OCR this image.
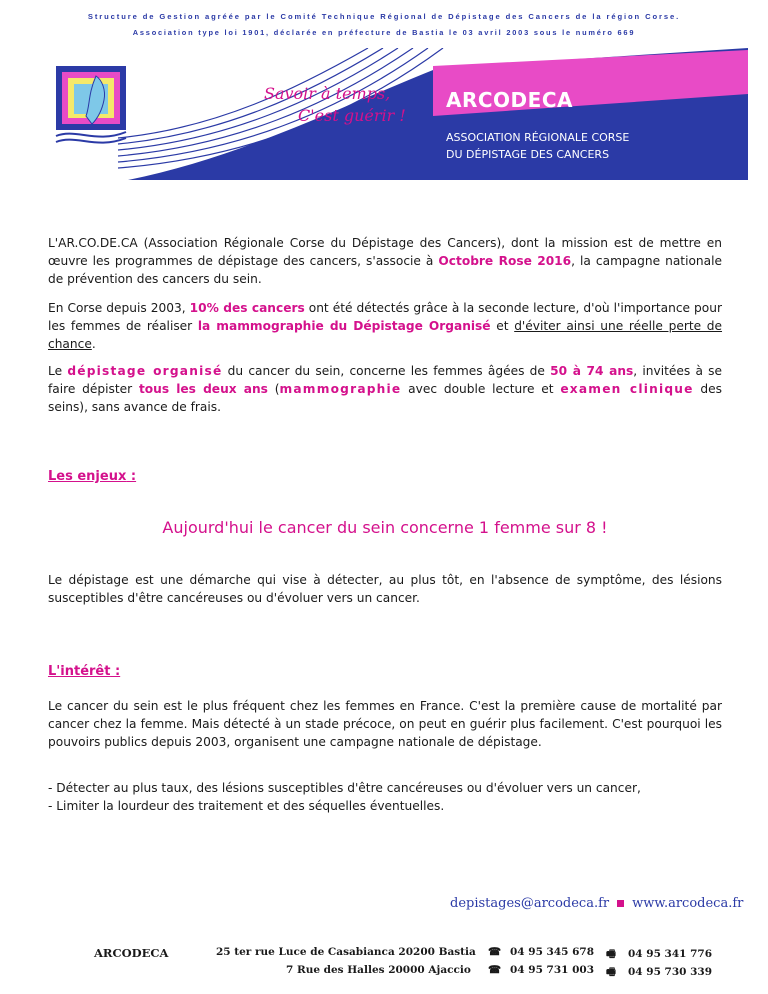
Structure de Gestion agréée par le Comité Technique Régional de Dépistage des Cancers de la région Corse.
Association type loi 1901, déclarée en préfecture de Bastia le 03 avril 2003 sous le numéro 669
Savoir à temps,
C'est guérir !
ARCODECA
ASSOCIATION RÉGIONALE CORSE
DU DÉPISTAGE DES CANCERS
L'AR.CO.DE.CA (Association Régionale Corse du Dépistage des Cancers), dont la mission est de mettre en œuvre les programmes de dépistage des cancers, s'associe à Octobre Rose 2016, la campagne nationale de prévention des cancers du sein.
En Corse depuis 2003, 10% des cancers ont été détectés grâce à la seconde lecture, d'où l'importance pour les femmes de réaliser la mammographie du Dépistage Organisé et d'éviter ainsi une réelle perte de chance.
Le dépistage organisé du cancer du sein, concerne les femmes âgées de 50 à 74 ans, invitées à se faire dépister tous les deux ans (mammographie avec double lecture et examen clinique des seins), sans avance de frais.
Les enjeux :
Aujourd'hui le cancer du sein concerne 1 femme sur 8 !
Le dépistage est une démarche qui vise à détecter, au plus tôt, en l'absence de symptôme, des lésions susceptibles d'être cancéreuses ou d'évoluer vers un cancer.
L'intérêt :
Le cancer du sein est le plus fréquent chez les femmes en France. C'est la première cause de mortalité par cancer chez la femme. Mais détecté à un stade précoce, on peut en guérir plus facilement. C'est pourquoi les pouvoirs publics depuis 2003, organisent une campagne nationale de dépistage.
- Détecter au plus taux, des lésions susceptibles d'être cancéreuses ou d'évoluer vers un cancer,
- Limiter la lourdeur des traitement et des séquelles éventuelles.
depistages@arcodeca.fr www.arcodeca.fr
ARCODECA	25 ter rue Luce de Casabianca 20200 Bastia
7 Rue des Halles 20000 Ajaccio
☎ 04 95 345 678
☎ 04 95 731 003
🖷 04 95 341 776
🖷 04 95 730 339
